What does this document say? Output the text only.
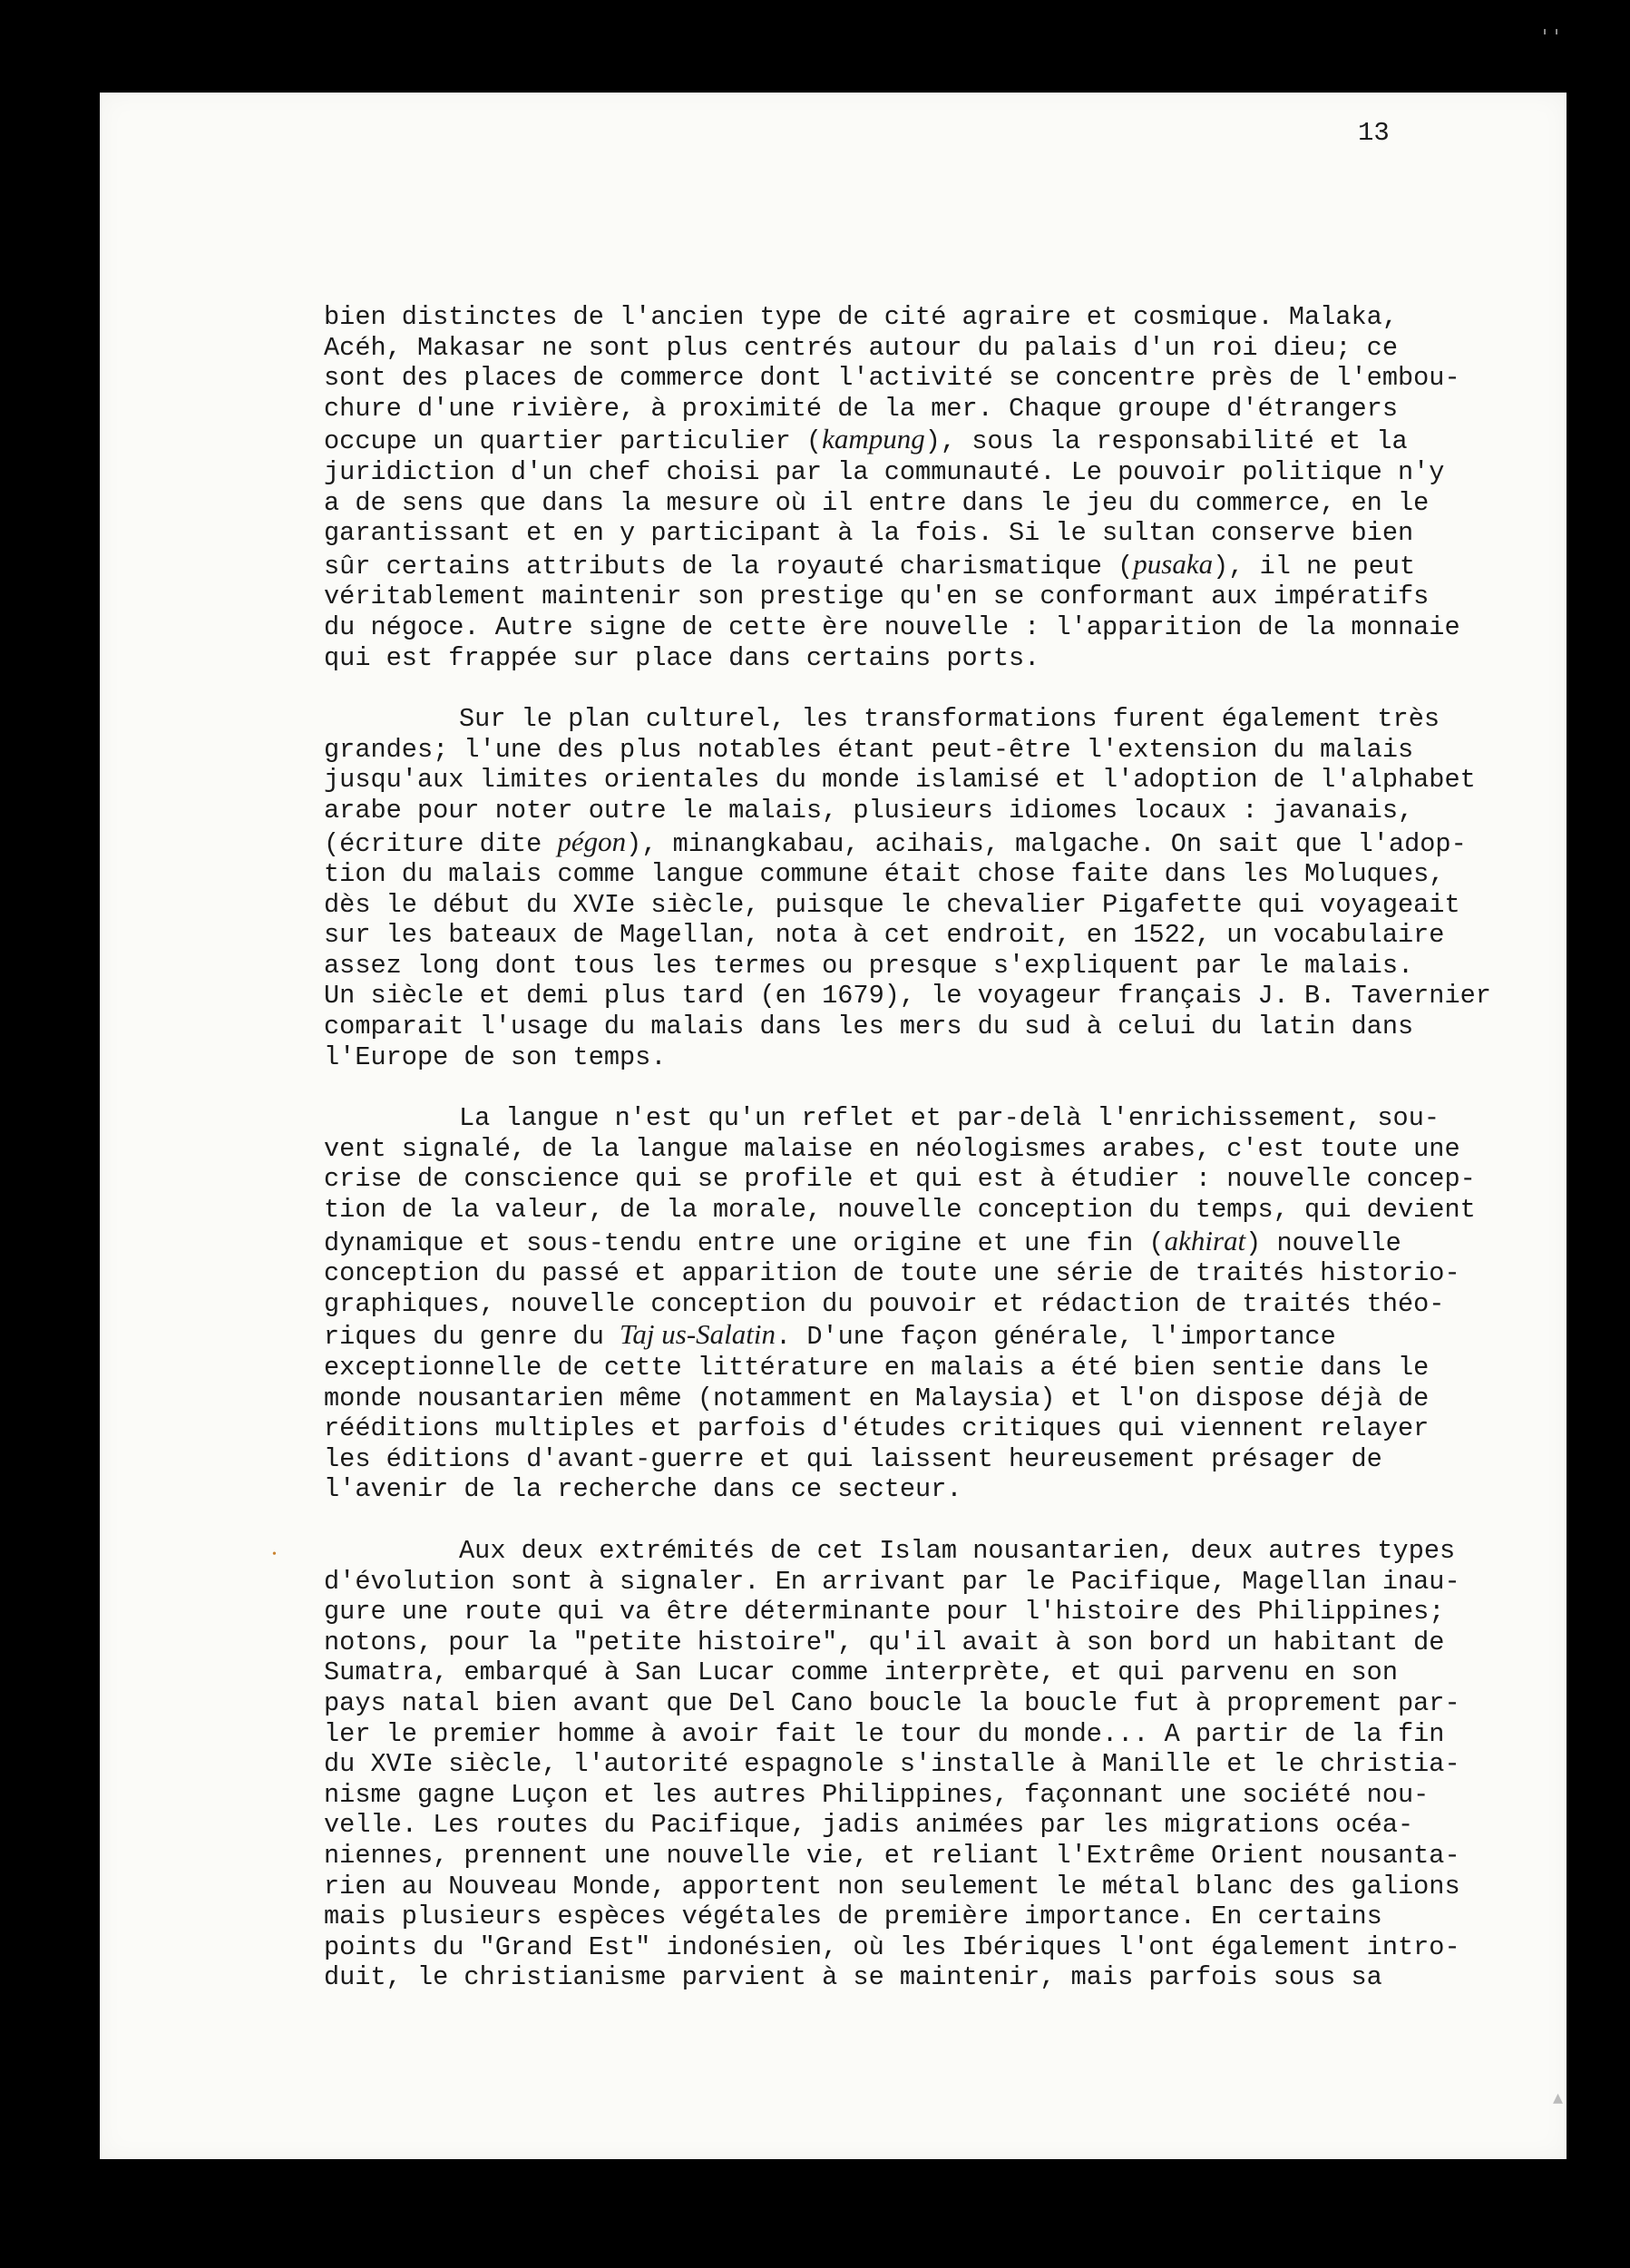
13
bien distinctes de l'ancien type de cité agraire et cosmique. Malaka,
Acéh, Makasar ne sont plus centrés autour du palais d'un roi dieu; ce
sont des places de commerce dont l'activité se concentre près de l'embou-
chure d'une rivière, à proximité de la mer. Chaque groupe d'étrangers
occupe un quartier particulier (kampung), sous la responsabilité et la
juridiction d'un chef choisi par la communauté. Le pouvoir politique n'y
a de sens que dans la mesure où il entre dans le jeu du commerce, en le
garantissant et en y participant à la fois. Si le sultan conserve bien
sûr certains attributs de la royauté charismatique (pusaka), il ne peut
véritablement maintenir son prestige qu'en se conformant aux impératifs
du négoce. Autre signe de cette ère nouvelle : l'apparition de la monnaie
qui est frappée sur place dans certains ports.
Sur le plan culturel, les transformations furent également très
grandes; l'une des plus notables étant peut-être l'extension du malais
jusqu'aux limites orientales du monde islamisé et l'adoption de l'alphabet
arabe pour noter outre le malais, plusieurs idiomes locaux : javanais,
(écriture dite pégon), minangkabau, acihais, malgache. On sait que l'adop-
tion du malais comme langue commune était chose faite dans les Moluques,
dès le début du XVIe siècle, puisque le chevalier Pigafette qui voyageait
sur les bateaux de Magellan, nota à cet endroit, en 1522, un vocabulaire
assez long dont tous les termes ou presque s'expliquent par le malais.
Un siècle et demi plus tard (en 1679), le voyageur français J. B. Tavernier
comparait l'usage du malais dans les mers du sud à celui du latin dans
l'Europe de son temps.
La langue n'est qu'un reflet et par-delà l'enrichissement, sou-
vent signalé, de la langue malaise en néologismes arabes, c'est toute une
crise de conscience qui se profile et qui est à étudier : nouvelle concep-
tion de la valeur, de la morale, nouvelle conception du temps, qui devient
dynamique et sous-tendu entre une origine et une fin (akhirat) nouvelle
conception du passé et apparition de toute une série de traités historio-
graphiques, nouvelle conception du pouvoir et rédaction de traités théo-
riques du genre du Taj us-Salatin. D'une façon générale, l'importance
exceptionnelle de cette littérature en malais a été bien sentie dans le
monde nousantarien même (notamment en Malaysia) et l'on dispose déjà de
rééditions multiples et parfois d'études critiques qui viennent relayer
les éditions d'avant-guerre et qui laissent heureusement présager de
l'avenir de la recherche dans ce secteur.
Aux deux extrémités de cet Islam nousantarien, deux autres types
d'évolution sont à signaler. En arrivant par le Pacifique, Magellan inau-
gure une route qui va être déterminante pour l'histoire des Philippines;
notons, pour la "petite histoire", qu'il avait à son bord un habitant de
Sumatra, embarqué à San Lucar comme interprète, et qui parvenu en son
pays natal bien avant que Del Cano boucle la boucle fut à proprement par-
ler le premier homme à avoir fait le tour du monde... A partir de la fin
du XVIe siècle, l'autorité espagnole s'installe à Manille et le christia-
nisme gagne Luçon et les autres Philippines, façonnant une société nou-
velle. Les routes du Pacifique, jadis animées par les migrations océa-
niennes, prennent une nouvelle vie, et reliant l'Extrême Orient nousanta-
rien au Nouveau Monde, apportent non seulement le métal blanc des galions
mais plusieurs espèces végétales de première importance. En certains
points du "Grand Est" indonésien, où les Ibériques l'ont également intro-
duit, le christianisme parvient à se maintenir, mais parfois sous sa
•
ˈ ˈ
▴
